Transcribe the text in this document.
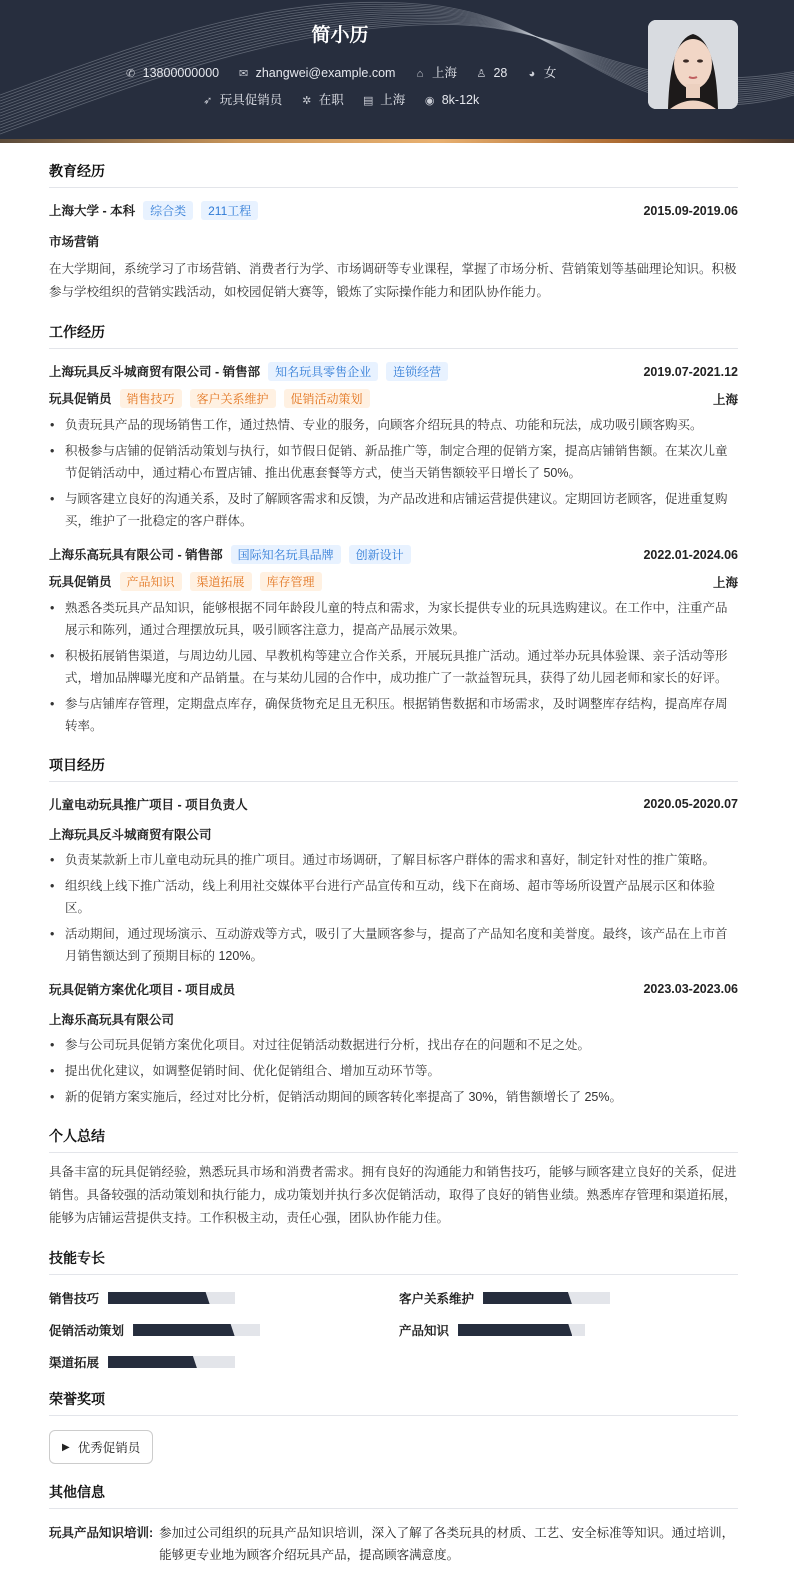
简小历
✆ 13800000000 ✉ zhangwei@example.com ⌂ 上海 ♙ 28 ◕ 女
➶ 玩具促销员 ✲ 在职 ▤ 上海 ◉ 8k-12k
教育经历
上海大学 - 本科 综合类 211工程	2015.09-2019.06
市场营销
在大学期间，系统学习了市场营销、消费者行为学、市场调研等专业课程，掌握了市场分析、营销策划等基础理论知识。积极参与学校组织的营销实践活动，如校园促销大赛等，锻炼了实际操作能力和团队协作能力。
工作经历
上海玩具反斗城商贸有限公司 - 销售部 知名玩具零售企业 连锁经营	2019.07-2021.12
玩具促销员 销售技巧 客户关系维护 促销活动策划	上海
• 负责玩具产品的现场销售工作，通过热情、专业的服务，向顾客介绍玩具的特点、功能和玩法，成功吸引顾客购买。
• 积极参与店铺的促销活动策划与执行，如节假日促销、新品推广等，制定合理的促销方案，提高店铺销售额。在某次儿童节促销活动中，通过精心布置店铺、推出优惠套餐等方式，使当天销售额较平日增长了 50%。
• 与顾客建立良好的沟通关系，及时了解顾客需求和反馈，为产品改进和店铺运营提供建议。定期回访老顾客，促进重复购买，维护了一批稳定的客户群体。
上海乐高玩具有限公司 - 销售部 国际知名玩具品牌 创新设计	2022.01-2024.06
玩具促销员 产品知识 渠道拓展 库存管理	上海
• 熟悉各类玩具产品知识，能够根据不同年龄段儿童的特点和需求，为家长提供专业的玩具选购建议。在工作中，注重产品展示和陈列，通过合理摆放玩具，吸引顾客注意力，提高产品展示效果。
• 积极拓展销售渠道，与周边幼儿园、早教机构等建立合作关系，开展玩具推广活动。通过举办玩具体验课、亲子活动等形式，增加品牌曝光度和产品销量。在与某幼儿园的合作中，成功推广了一款益智玩具，获得了幼儿园老师和家长的好评。
• 参与店铺库存管理，定期盘点库存，确保货物充足且无积压。根据销售数据和市场需求，及时调整库存结构，提高库存周转率。
项目经历
儿童电动玩具推广项目 - 项目负责人	2020.05-2020.07
上海玩具反斗城商贸有限公司
• 负责某款新上市儿童电动玩具的推广项目。通过市场调研，了解目标客户群体的需求和喜好，制定针对性的推广策略。
• 组织线上线下推广活动，线上利用社交媒体平台进行产品宣传和互动，线下在商场、超市等场所设置产品展示区和体验区。
• 活动期间，通过现场演示、互动游戏等方式，吸引了大量顾客参与，提高了产品知名度和美誉度。最终，该产品在上市首月销售额达到了预期目标的 120%。
玩具促销方案优化项目 - 项目成员	2023.03-2023.06
上海乐高玩具有限公司
• 参与公司玩具促销方案优化项目。对过往促销活动数据进行分析，找出存在的问题和不足之处。
• 提出优化建议，如调整促销时间、优化促销组合、增加互动环节等。
• 新的促销方案实施后，经过对比分析，促销活动期间的顾客转化率提高了 30%，销售额增长了 25%。
个人总结
具备丰富的玩具促销经验，熟悉玩具市场和消费者需求。拥有良好的沟通能力和销售技巧，能够与顾客建立良好的关系，促进销售。具备较强的活动策划和执行能力，成功策划并执行多次促销活动，取得了良好的销售业绩。熟悉库存管理和渠道拓展，能够为店铺运营提供支持。工作积极主动，责任心强，团队协作能力佳。
技能专长
销售技巧	客户关系维护
促销活动策划	产品知识
渠道拓展
荣誉奖项
▶ 优秀促销员
其他信息
玩具产品知识培训: 参加过公司组织的玩具产品知识培训，深入了解了各类玩具的材质、工艺、安全标准等知识。通过培训，能够更专业地为顾客介绍玩具产品，提高顾客满意度。
